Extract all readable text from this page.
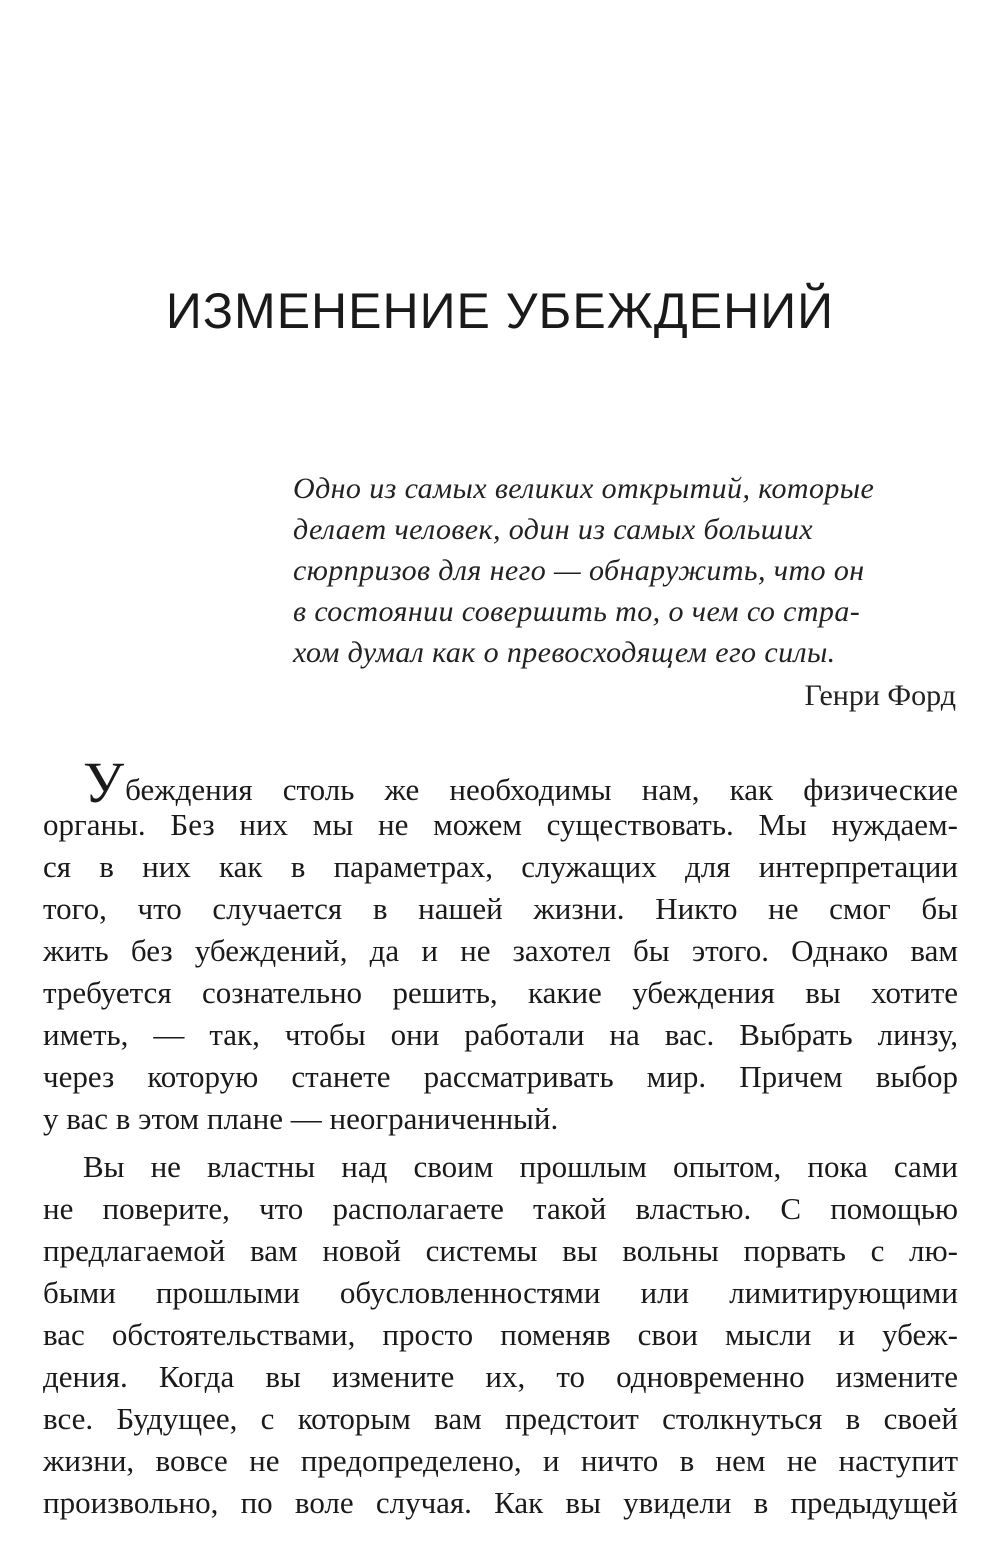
ИЗМЕНЕНИЕ УБЕЖДЕНИЙ
Одно из самых великих открытий, которые
делает человек, один из самых больших
сюрпризов для него — обнаружить, что он
в состоянии совершить то, о чем со стра-
хом думал как о превосходящем его силы.
Генри Форд
Убеждения столь же необходимы нам, как физические
органы. Без них мы не можем существовать. Мы нуждаем-
ся в них как в параметрах, служащих для интерпретации
того, что случается в нашей жизни. Никто не смог бы
жить без убеждений, да и не захотел бы этого. Однако вам
требуется сознательно решить, какие убеждения вы хотите
иметь, — так, чтобы они работали на вас. Выбрать линзу,
через которую станете рассматривать мир. Причем выбор
у вас в этом плане — неограниченный.
Вы не властны над своим прошлым опытом, пока сами
не поверите, что располагаете такой властью. С помощью
предлагаемой вам новой системы вы вольны порвать с лю-
быми прошлыми обусловленностями или лимитирующими
вас обстоятельствами, просто поменяв свои мысли и убеж-
дения. Когда вы измените их, то одновременно измените
все. Будущее, с которым вам предстоит столкнуться в своей
жизни, вовсе не предопределено, и ничто в нем не наступит
произвольно, по воле случая. Как вы увидели в предыдущей
